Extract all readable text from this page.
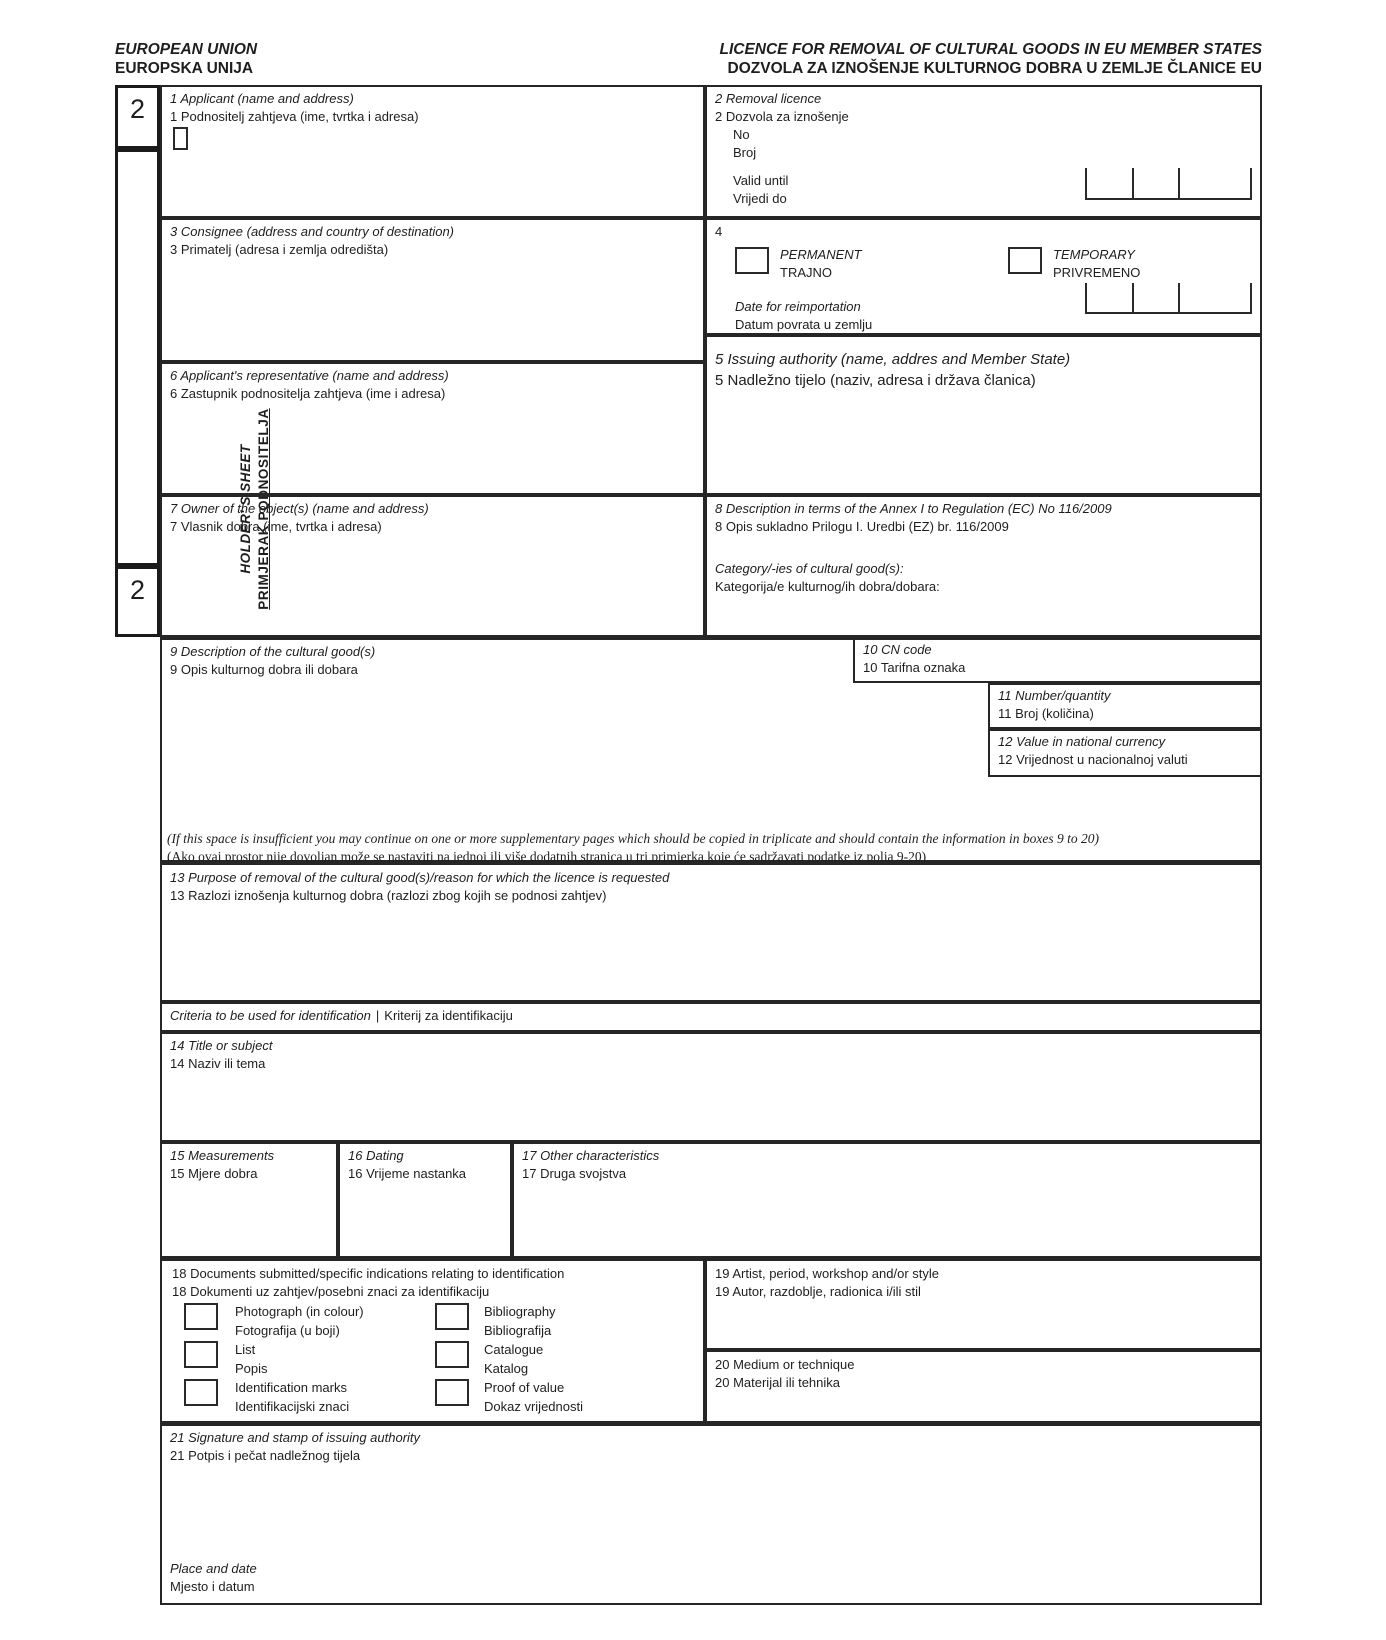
EUROPEAN UNION
EUROPSKA UNIJA
LICENCE FOR REMOVAL OF CULTURAL GOODS IN EU MEMBER STATES
DOZVOLA ZA IZNOŠENJE KULTURNOG DOBRA U ZEMLJE ČLANICE EU
2
HOLDER' S SHEET PRIMJERAK PODNOSITELJA
2
1 Applicant (name and address)
1 Podnositelj zahtjeva (ime, tvrtka i adresa)
2 Removal licence
2 Dozvola za iznošenje
No
Broj
Valid until
Vrijedi do
3 Consignee (address and country of destination)
3 Primatelj (adresa i zemlja odredišta)
4
PERMANENT
TRAJNO
TEMPORARY
PRIVREMENO
Date for reimportation
Datum povrata u zemlju
6 Applicant's representative (name and address)
6 Zastupnik podnositelja zahtjeva (ime i adresa)
5 Issuing authority (name, addres and Member State)
5 Nadležno tijelo (naziv, adresa i država članica)
7 Owner of the object(s) (name and address)
7 Vlasnik dobra (ime, tvrtka i adresa)
8 Description in terms of the Annex I to Regulation (EC) No 116/2009
8 Opis sukladno Prilogu I. Uredbi (EZ) br. 116/2009
Category/-ies of cultural good(s):
Kategorija/e kulturnog/ih dobra/dobara:
9 Description of the cultural good(s)
9 Opis kulturnog dobra ili dobara
(If this space is insufficient you may continue on one or more supplementary pages which should be copied in triplicate and should contain the information in boxes 9 to 20)
(Ako ovaj prostor nije dovoljan može se nastaviti na jednoj ili više dodatnih stranica u tri primjerka koje će sadržavati podatke iz polja 9-20)
10 CN code
10 Tarifna oznaka
11 Number/quantity
11 Broj (količina)
12 Value in national currency
12 Vrijednost u nacionalnoj valuti
13 Purpose of removal of the cultural good(s)/reason for which the licence is requested
13 Razlozi iznošenja kulturnog dobra (razlozi zbog kojih se podnosi zahtjev)
Criteria to be used for identification | Kriterij za identifikaciju
14 Title or subject
14 Naziv ili tema
15 Measurements
15 Mjere dobra
16 Dating
16 Vrijeme nastanka
17 Other characteristics
17 Druga svojstva
18 Documents submitted/specific indications relating to identification
18 Dokumenti uz zahtjev/posebni znaci za identifikaciju
Photograph (in colour)
Fotografija (u boji)
List
Popis
Identification marks
Identifikacijski znaci
Bibliography
Bibliografija
Catalogue
Katalog
Proof of value
Dokaz vrijednosti
19 Artist, period, workshop and/or style
19 Autor, razdoblje, radionica i/ili stil
20 Medium or technique
20 Materijal ili tehnika
21 Signature and stamp of issuing authority
21 Potpis i pečat nadležnog tijela
Place and date
Mjesto i datum
